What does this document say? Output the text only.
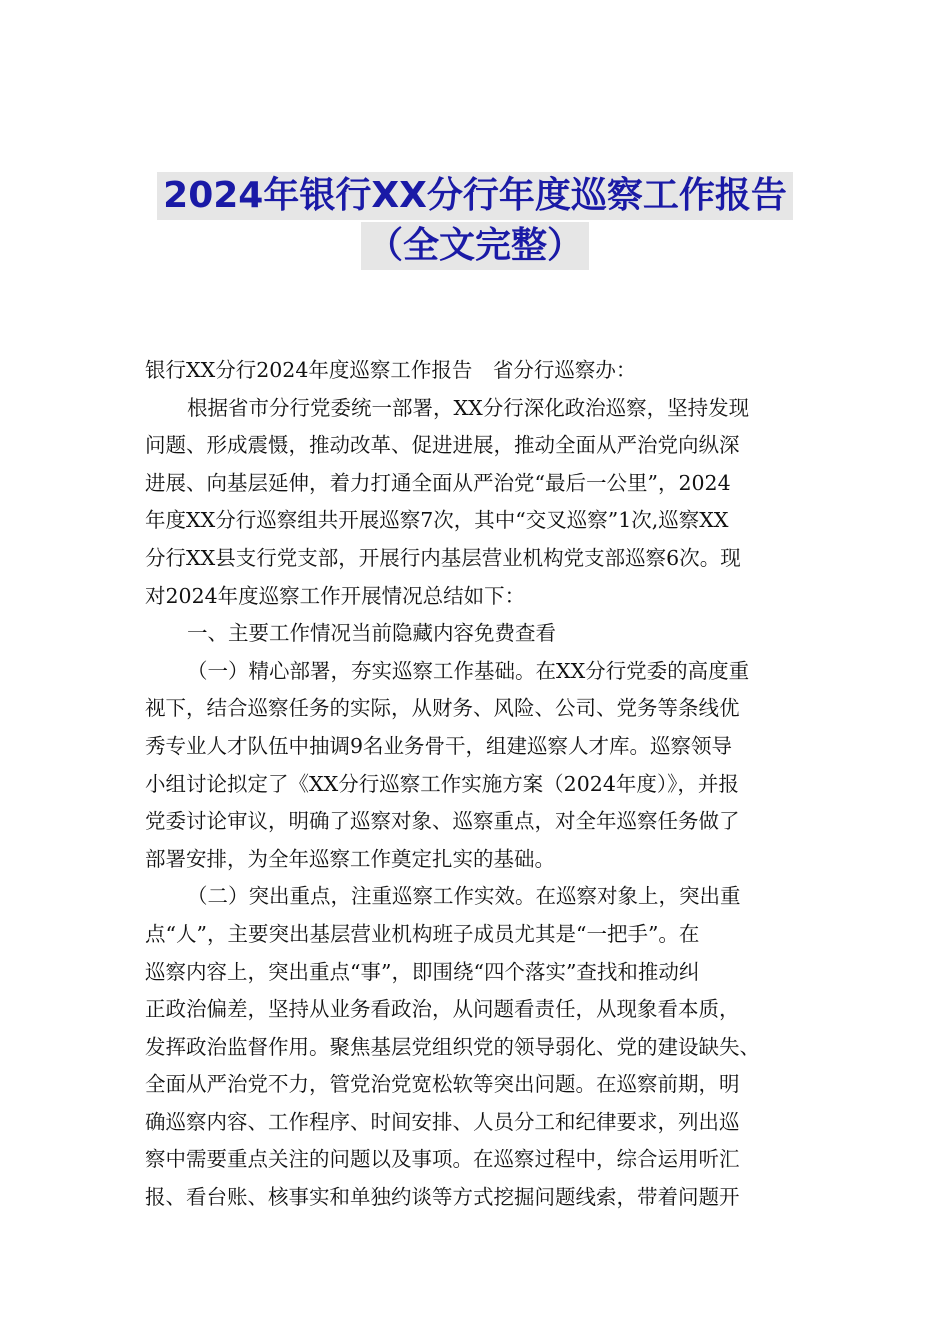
2024年银行XX分行年度巡察工作报告
（全文完整）

银行XX分行2024年度巡察工作报告　省分行巡察办：

根据省市分行党委统一部署，XX分行深化政治巡察，坚持发现

问题、形成震慑，推动改革、促进进展，推动全面从严治党向纵深

进展、向基层延伸，着力打通全面从严治党“最后一公里”，2024

年度XX分行巡察组共开展巡察7次，其中“交叉巡察”1次,巡察XX

分行XX县支行党支部，开展行内基层营业机构党支部巡察6次。现

对2024年度巡察工作开展情况总结如下：

一、主要工作情况当前隐藏内容免费查看

（一）精心部署，夯实巡察工作基础。在XX分行党委的高度重

视下，结合巡察任务的实际，从财务、风险、公司、党务等条线优

秀专业人才队伍中抽调9名业务骨干，组建巡察人才库。巡察领导

小组讨论拟定了《XX分行巡察工作实施方案（2024年度）》，并报

党委讨论审议，明确了巡察对象、巡察重点，对全年巡察任务做了

部署安排，为全年巡察工作奠定扎实的基础。

（二）突出重点，注重巡察工作实效。在巡察对象上，突出重

点“人”，主要突出基层营业机构班子成员尤其是“一把手”。在

巡察内容上，突出重点“事”，即围绕“四个落实”查找和推动纠

正政治偏差，坚持从业务看政治，从问题看责任，从现象看本质，

发挥政治监督作用。聚焦基层党组织党的领导弱化、党的建设缺失、

全面从严治党不力，管党治党宽松软等突出问题。在巡察前期，明

确巡察内容、工作程序、时间安排、人员分工和纪律要求，列出巡

察中需要重点关注的问题以及事项。在巡察过程中，综合运用听汇

报、看台账、核事实和单独约谈等方式挖掘问题线索，带着问题开
